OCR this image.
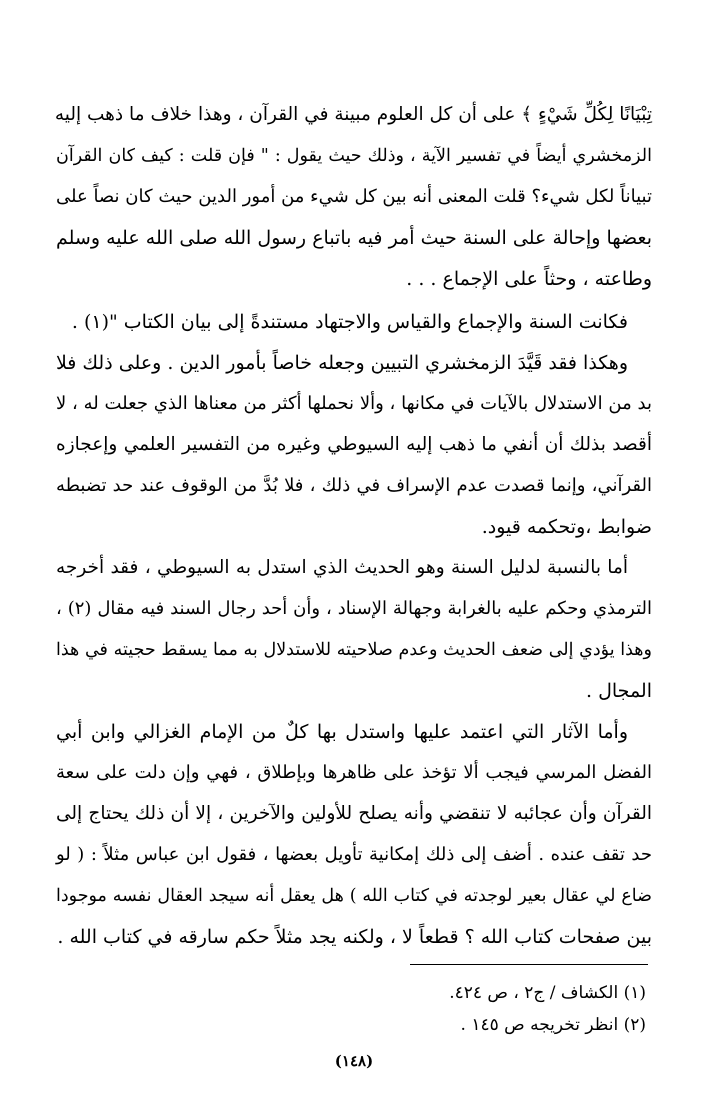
تِبْيَانًا لِكُلِّ شَيْءٍ ﴾ على أن كل العلوم مبينة في القرآن ، وهذا خلاف ما ذهب إليه
الزمخشري أيضاً في تفسير الآية ، وذلك حيث يقول : " فإن قلت : كيف كان القرآن
تبياناً لكل شيء؟ قلت المعنى أنه بين كل شيء من أمور الدين حيث كان نصاً على
بعضها وإحالة على السنة حيث أمر فيه باتباع رسول الله صلى الله عليه وسلم
وطاعته ، وحثاً على الإجماع . . .
فكانت السنة والإجماع والقياس والاجتهاد مستندةً إلى بيان الكتاب "(١) .
وهكذا فقد قَيَّدَ الزمخشري التبيين وجعله خاصاً بأمور الدين . وعلى ذلك فلا
بد من الاستدلال بالآيات في مكانها ، وألا نحملها أكثر من معناها الذي جعلت له ، لا
أقصد بذلك أن أنفي ما ذهب إليه السيوطي وغيره من التفسير العلمي وإعجازه
القرآني، وإنما قصدت عدم الإسراف في ذلك ، فلا بُدَّ من الوقوف عند حد تضبطه
ضوابط ،وتحكمه قيود.
أما بالنسبة لدليل السنة وهو الحديث الذي استدل به السيوطي ، فقد أخرجه
الترمذي وحكم عليه بالغرابة وجهالة الإسناد ، وأن أحد رجال السند فيه مقال (٢) ،
وهذا يؤدي إلى ضعف الحديث وعدم صلاحيته للاستدلال به مما يسقط حجيته في هذا
المجال .
وأما الآثار التي اعتمد عليها واستدل بها كلٌ من الإمام الغزالي وابن أبي
الفضل المرسي فيجب ألا تؤخذ على ظاهرها وبإطلاق ، فهي وإن دلت على سعة
القرآن وأن عجائبه لا تنقضي وأنه يصلح للأولين والآخرين ، إلا أن ذلك يحتاج إلى
حد تقف عنده . أضف إلى ذلك إمكانية تأويل بعضها ، فقول ابن عباس مثلاً : ( لو
ضاع لي عقال بعير لوجدته في كتاب الله ) هل يعقل أنه سيجد العقال نفسه موجودا
بين صفحات كتاب الله ؟ قطعاً لا ، ولكنه يجد مثلاً حكم سارقه في كتاب الله .
(١) الكشاف / ج٢ ، ص ٤٢٤.
(٢) انظر تخريجه ص ١٤٥ .
(١٤٨)
